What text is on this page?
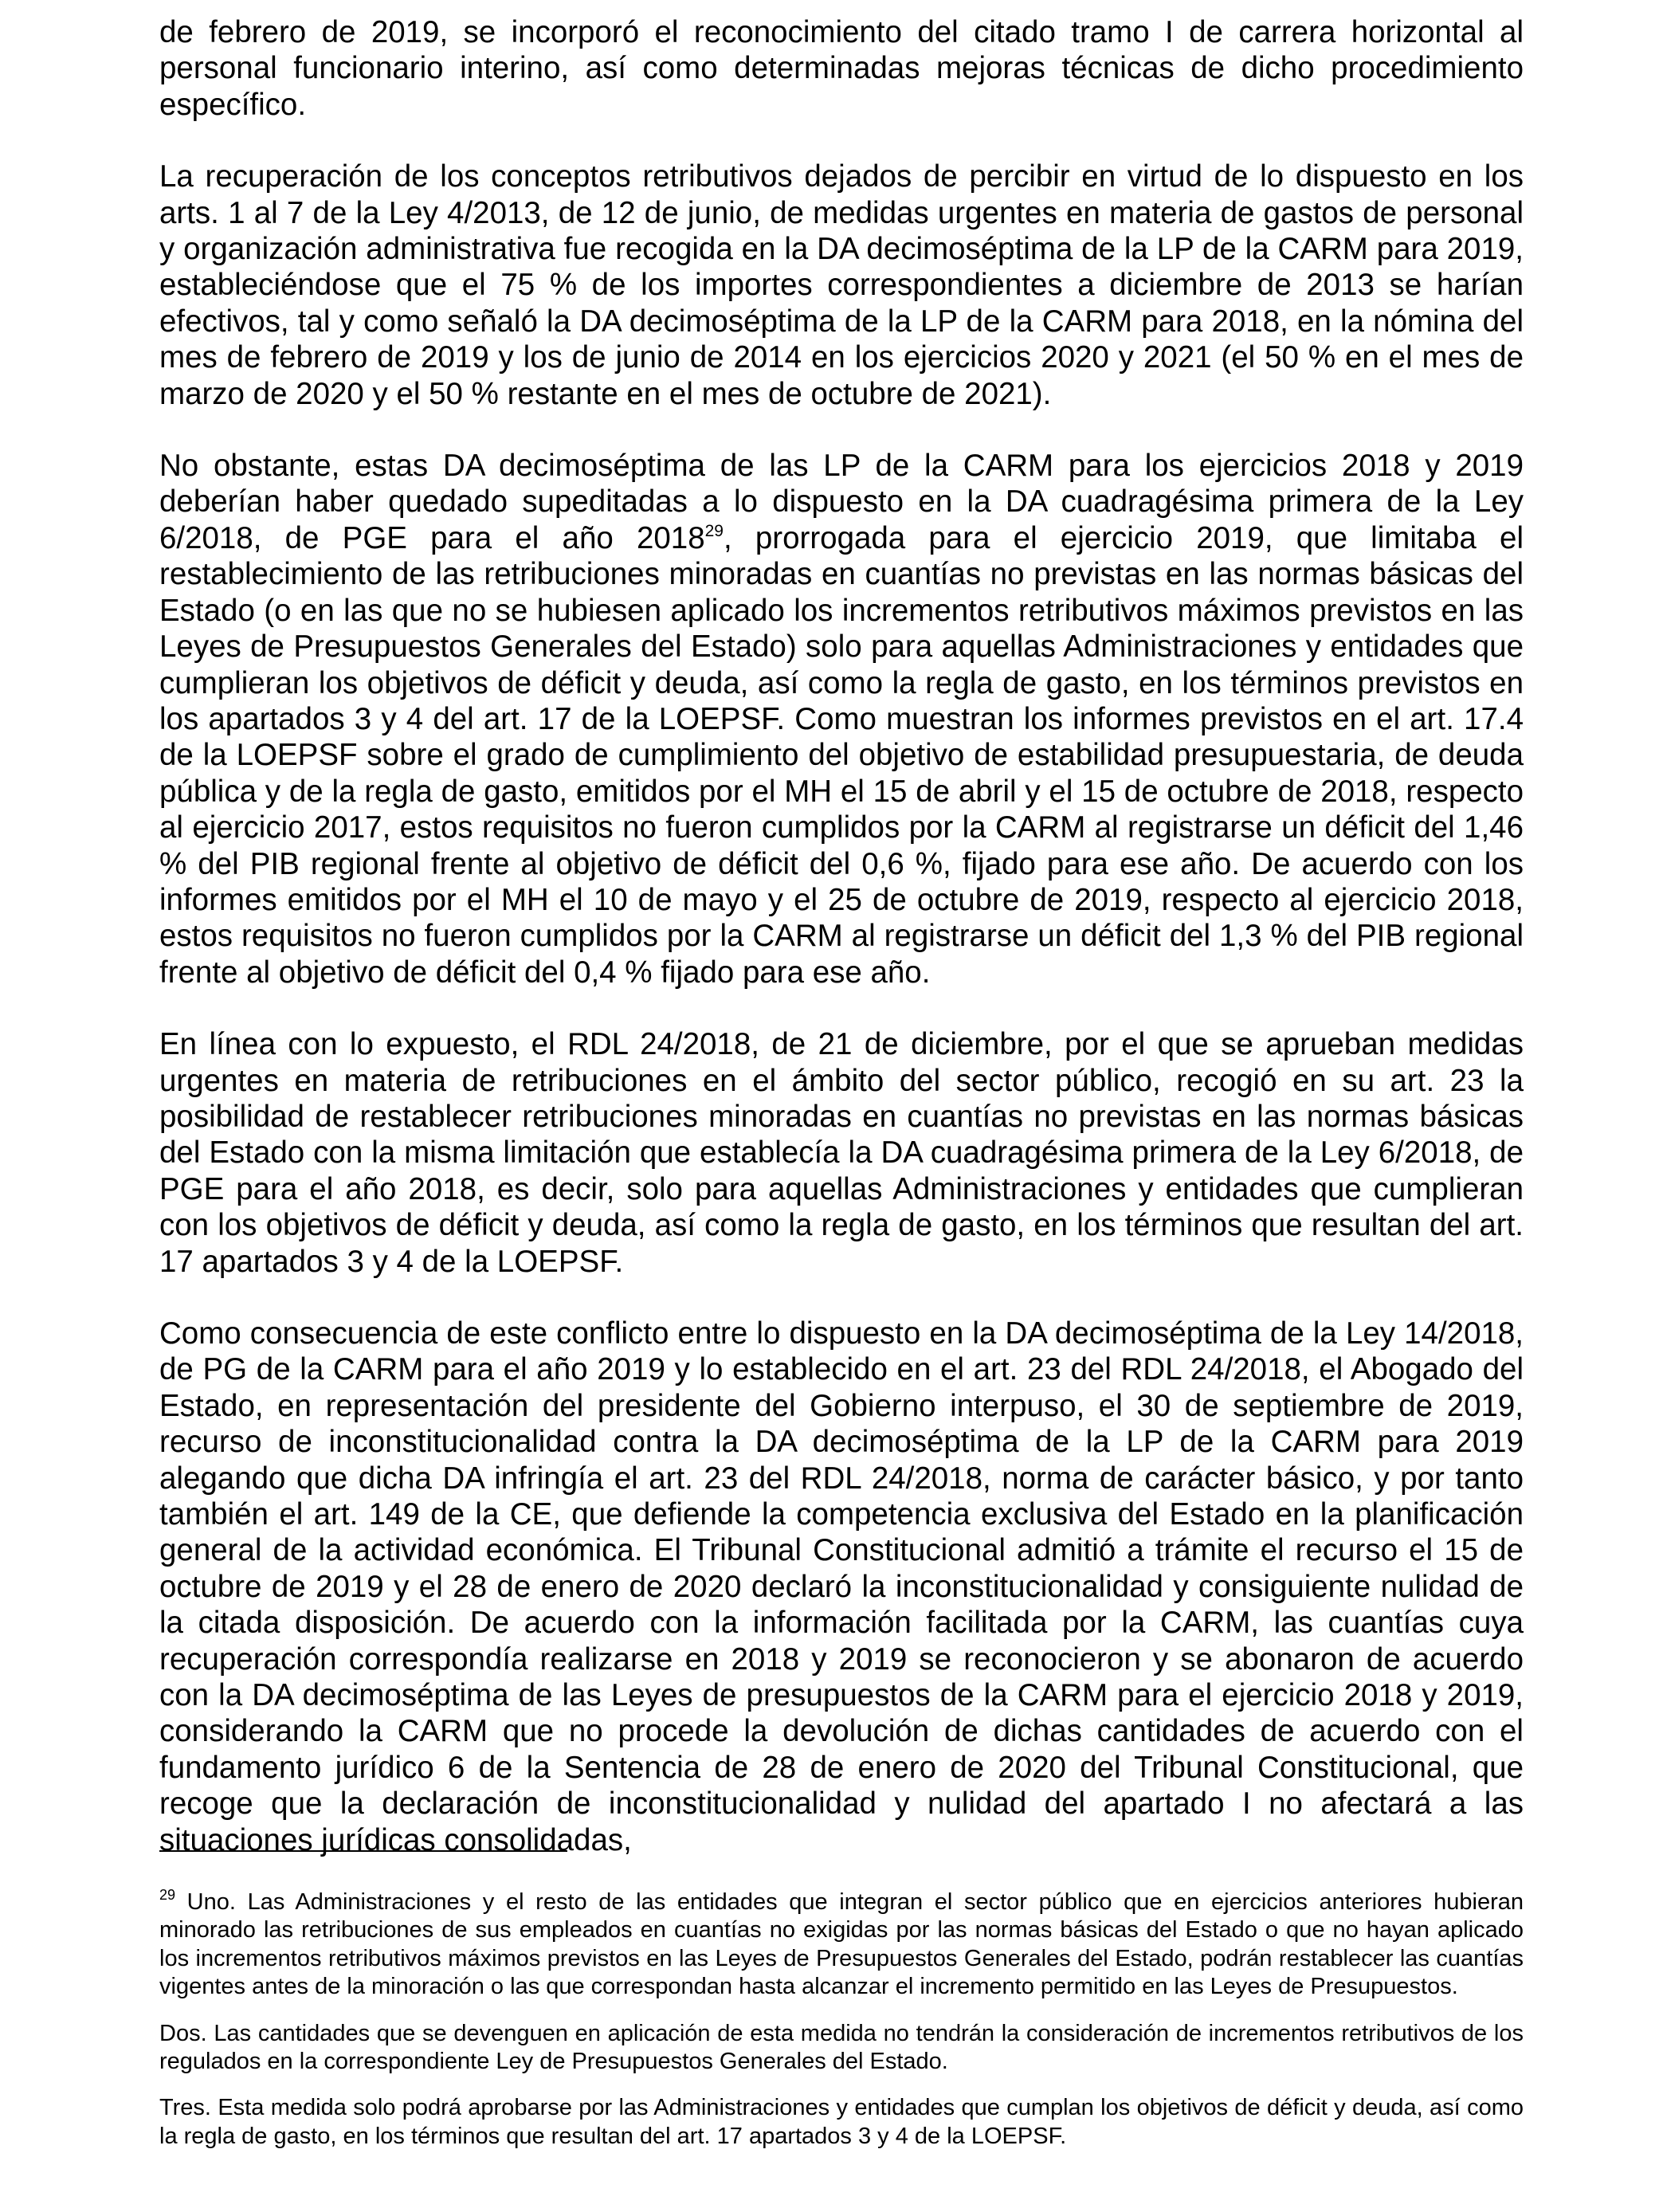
de febrero de 2019, se incorporó el reconocimiento del citado tramo I de carrera horizontal al personal funcionario interino, así como determinadas mejoras técnicas de dicho procedimiento específico.

La recuperación de los conceptos retributivos dejados de percibir en virtud de lo dispuesto en los arts. 1 al 7 de la Ley 4/2013, de 12 de junio, de medidas urgentes en materia de gastos de personal y organización administrativa fue recogida en la DA decimoséptima de la LP de la CARM para 2019, estableciéndose que el 75 % de los importes correspondientes a diciembre de 2013 se harían efectivos, tal y como señaló la DA decimoséptima de la LP de la CARM para 2018, en la nómina del mes de febrero de 2019 y los de junio de 2014 en los ejercicios 2020 y 2021 (el 50 % en el mes de marzo de 2020 y el 50 % restante en el mes de octubre de 2021).

No obstante, estas DA decimoséptima de las LP de la CARM para los ejercicios 2018 y 2019 deberían haber quedado supeditadas a lo dispuesto en la DA cuadragésima primera de la Ley 6/2018, de PGE para el año 2018$^{29}$, prorrogada para el ejercicio 2019, que limitaba el restablecimiento de las retribuciones minoradas en cuantías no previstas en las normas básicas del Estado (o en las que no se hubiesen aplicado los incrementos retributivos máximos previstos en las Leyes de Presupuestos Generales del Estado) solo para aquellas Administraciones y entidades que cumplieran los objetivos de déficit y deuda, así como la regla de gasto, en los términos previstos en los apartados 3 y 4 del art. 17 de la LOEPSF. Como muestran los informes previstos en el art. 17.4 de la LOEPSF sobre el grado de cumplimiento del objetivo de estabilidad presupuestaria, de deuda pública y de la regla de gasto, emitidos por el MH el 15 de abril y el 15 de octubre de 2018, respecto al ejercicio 2017, estos requisitos no fueron cumplidos por la CARM al registrarse un déficit del 1,46 % del PIB regional frente al objetivo de déficit del 0,6 %, fijado para ese año. De acuerdo con los informes emitidos por el MH el 10 de mayo y el 25 de octubre de 2019, respecto al ejercicio 2018, estos requisitos no fueron cumplidos por la CARM al registrarse un déficit del 1,3 % del PIB regional frente al objetivo de déficit del 0,4 % fijado para ese año.

En línea con lo expuesto, el RDL 24/2018, de 21 de diciembre, por el que se aprueban medidas urgentes en materia de retribuciones en el ámbito del sector público, recogió en su art. 23 la posibilidad de restablecer retribuciones minoradas en cuantías no previstas en las normas básicas del Estado con la misma limitación que establecía la DA cuadragésima primera de la Ley 6/2018, de PGE para el año 2018, es decir, solo para aquellas Administraciones y entidades que cumplieran con los objetivos de déficit y deuda, así como la regla de gasto, en los términos que resultan del art. 17 apartados 3 y 4 de la LOEPSF.

Como consecuencia de este conflicto entre lo dispuesto en la DA decimoséptima de la Ley 14/2018, de PG de la CARM para el año 2019 y lo establecido en el art. 23 del RDL 24/2018, el Abogado del Estado, en representación del presidente del Gobierno interpuso, el 30 de septiembre de 2019, recurso de inconstitucionalidad contra la DA decimoséptima de la LP de la CARM para 2019 alegando que dicha DA infringía el art. 23 del RDL 24/2018, norma de carácter básico, y por tanto también el art. 149 de la CE, que defiende la competencia exclusiva del Estado en la planificación general de la actividad económica. El Tribunal Constitucional admitió a trámite el recurso el 15 de octubre de 2019 y el 28 de enero de 2020 declaró la inconstitucionalidad y consiguiente nulidad de la citada disposición. De acuerdo con la información facilitada por la CARM, las cuantías cuya recuperación correspondía realizarse en 2018 y 2019 se reconocieron y se abonaron de acuerdo con la DA decimoséptima de las Leyes de presupuestos de la CARM para el ejercicio 2018 y 2019, considerando la CARM que no procede la devolución de dichas cantidades de acuerdo con el fundamento jurídico 6 de la Sentencia de 28 de enero de 2020 del Tribunal Constitucional, que recoge que la declaración de inconstitucionalidad y nulidad del apartado I no afectará a las situaciones jurídicas consolidadas,

$^{29}$ Uno. Las Administraciones y el resto de las entidades que integran el sector público que en ejercicios anteriores hubieran minorado las retribuciones de sus empleados en cuantías no exigidas por las normas básicas del Estado o que no hayan aplicado los incrementos retributivos máximos previstos en las Leyes de Presupuestos Generales del Estado, podrán restablecer las cuantías vigentes antes de la minoración o las que correspondan hasta alcanzar el incremento permitido en las Leyes de Presupuestos.

Dos. Las cantidades que se devenguen en aplicación de esta medida no tendrán la consideración de incrementos retributivos de los regulados en la correspondiente Ley de Presupuestos Generales del Estado.

Tres. Esta medida solo podrá aprobarse por las Administraciones y entidades que cumplan los objetivos de déficit y deuda, así como la regla de gasto, en los términos que resultan del art. 17 apartados 3 y 4 de la LOEPSF.
